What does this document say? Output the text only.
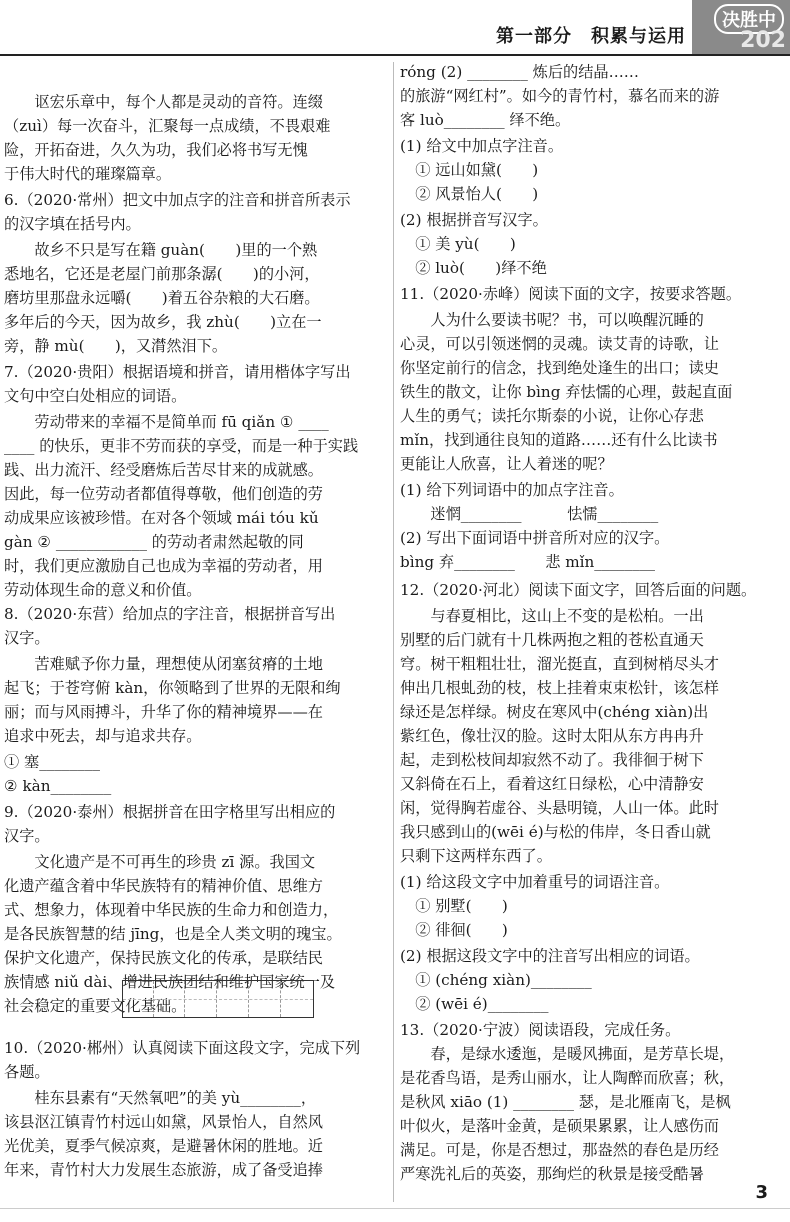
第一部分　积累与运用
决胜中
202
　　讴宏乐章中，每个人都是灵动的音符。连缀
（zuì）每一次奋斗，汇聚每一点成绩，不畏艰难
险，开拓奋进，久久为功，我们必将书写无愧
于伟大时代的璀璨篇章。
6.（2020·常州）把文中加点字的注音和拼音所表示
的汉字填在括号内。
　　故乡不只是写在籍 guàn(　　)里的一个熟
悉地名，它还是老屋门前那条潺(　　)的小河，
磨坊里那盘永远嚼(　　)着五谷杂粮的大石磨。
多年后的今天，因为故乡，我 zhù(　　)立在一
旁，静 mù(　　)，又潸然泪下。
7.（2020·贵阳）根据语境和拼音，请用楷体字写出
文句中空白处相应的词语。
　　劳动带来的幸福不是简单而 fū qiǎn ① ____
____ 的快乐，更非不劳而获的享受，而是一种于实践
践、出力流汗、经受磨炼后苦尽甘来的成就感。
因此，每一位劳动者都值得尊敬，他们创造的劳
动成果应该被珍惜。在对各个领域 mái tóu kǔ
gàn ② ____________ 的劳动者肃然起敬的同
时，我们更应激励自己也成为幸福的劳动者，用
劳动体现生命的意义和价值。
8.（2020·东营）给加点的字注音，根据拼音写出
汉字。
　　苦难赋予你力量，理想使从闭塞贫瘠的土地
起飞；于苍穹俯 kàn，你领略到了世界的无限和绚
丽；而与风雨搏斗，升华了你的精神境界——在
追求中死去，却与追求共存。
① 塞________
② kàn________
9.（2020·泰州）根据拼音在田字格里写出相应的
汉字。
　　文化遗产是不可再生的珍贵 zī 源。我国文
化遗产蕴含着中华民族特有的精神价值、思维方
式、想象力，体现着中华民族的生命力和创造力，
是各民族智慧的结 jīng，也是全人类文明的瑰宝。
保护文化遗产，保持民族文化的传承，是联结民
族情感 niǔ dài、增进民族团结和维护国家统一及
社会稳定的重要文化基础。
10.（2020·郴州）认真阅读下面这段文字，完成下列
各题。
　　桂东县素有“天然氧吧”的美 yù________，
该县沤江镇青竹村远山如黛，风景怡人，自然风
光优美，夏季气候凉爽，是避暑休闲的胜地。近
年来，青竹村大力发展生态旅游，成了备受追捧
的旅游“网红村”。如今的青竹村，慕名而来的游
客 luò________ 绎不绝。
(1) 给文中加点字注音。
　① 远山如黛(　　)
　② 风景怡人(　　)
(2) 根据拼音写汉字。
　① 美 yù(　　)
　② luò(　　)绎不绝
11.（2020·赤峰）阅读下面的文字，按要求答题。
　　人为什么要读书呢？书，可以唤醒沉睡的
心灵，可以引领迷惘的灵魂。读艾青的诗歌，让
你坚定前行的信念，找到绝处逢生的出口；读史
铁生的散文，让你 bìng 弃怯懦的心理，鼓起直面
人生的勇气；读托尔斯泰的小说，让你心存悲
mǐn，找到通往良知的道路……还有什么比读书
更能让人欣喜，让人着迷的呢？
(1) 给下列词语中的加点字注音。
　　迷惘________　　　怯懦________
(2) 写出下面词语中拼音所对应的汉字。
bìng 弃________　　悲 mǐn________
12.（2020·河北）阅读下面文字，回答后面的问题。
　　与春夏相比，这山上不变的是松柏。一出
别墅的后门就有十几株两抱之粗的苍松直通天
穹。树干粗粗壮壮，溜光挺直，直到树梢尽头才
伸出几根虬劲的枝，枝上挂着束束松针，该怎样
绿还是怎样绿。树皮在寒风中(chéng xiàn)出
紫红色，像壮汉的脸。这时太阳从东方冉冉升
起，走到松枝间却寂然不动了。我徘徊于树下
又斜倚在石上，看着这红日绿松，心中清静安
闲，觉得胸若虚谷、头悬明镜，人山一体。此时
我只感到山的(wēi é)与松的伟岸，冬日香山就
只剩下这两样东西了。
(1) 给这段文字中加着重号的词语注音。
　① 别墅(　　)
　② 徘徊(　　)
(2) 根据这段文字中的注音写出相应的词语。
　① (chéng xiàn)________
　② (wēi é)________
13.（2020·宁波）阅读语段，完成任务。
　　春，是绿水逶迤，是暖风拂面，是芳草长堤，
是花香鸟语，是秀山丽水，让人陶醉而欣喜；秋，
是秋风 xiāo (1) ________ 瑟，是北雁南飞，是枫
叶似火，是落叶金黄，是硕果累累，让人感伤而
满足。可是，你是否想过，那盎然的春色是历经
严寒洗礼后的英姿，那绚烂的秋景是接受酷暑
róng (2) ________ 炼后的结晶……
3
